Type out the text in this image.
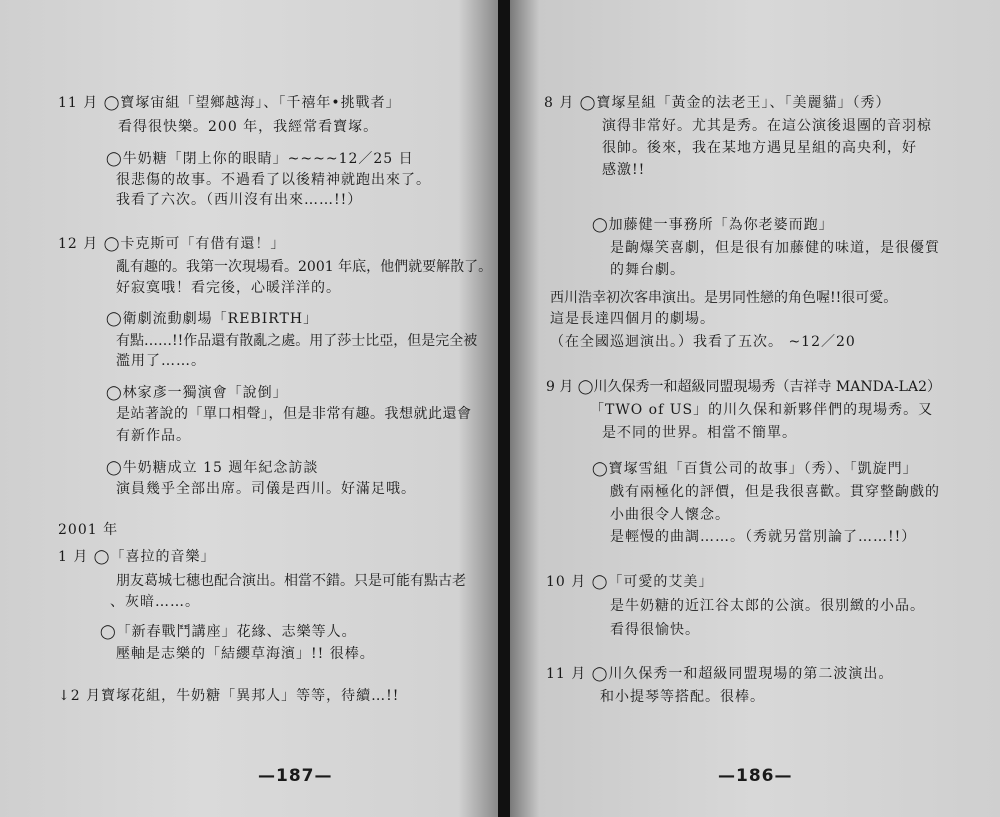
11 月 ◯寶塚宙組「望鄉越海」、「千禧年•挑戰者」
看得很快樂。200 年，我經常看寶塚。
◯牛奶糖「閉上你的眼睛」~~~~12／25 日
很悲傷的故事。不過看了以後精神就跑出來了。
我看了六次。（西川沒有出來……!!）
12 月 ◯卡克斯可「有借有還！」
亂有趣的。我第一次現場看。2001 年底，他們就要解散了。
好寂寞哦！看完後，心暖洋洋的。
◯衛劇流動劇場「REBIRTH」
有點……!!作品還有散亂之處。用了莎士比亞，但是完全被
濫用了……。
◯林家彥一獨演會「說倒」
是站著說的「單口相聲」，但是非常有趣。我想就此還會
有新作品。
◯牛奶糖成立 15 週年紀念訪談
演員幾乎全部出席。司儀是西川。好滿足哦。
2001 年
1 月 ◯「喜拉的音樂」
朋友葛城七穗也配合演出。相當不錯。只是可能有點古老
、灰暗……。
◯「新春戰鬥講座」花緣、志樂等人。
壓軸是志樂的「結纓草海濱」!! 很棒。
↓2 月寶塚花組，牛奶糖「異邦人」等等，待續…!!
—187—
8 月 ◯寶塚星組「黃金的法老王」、「美麗貓」（秀）
演得非常好。尤其是秀。在這公演後退團的音羽椋
很帥。後來，我在某地方遇見星組的高央利，好
感激!!
◯加藤健一事務所「為你老婆而跑」
是齣爆笑喜劇，但是很有加藤健的味道，是很優質
的舞台劇。
西川浩幸初次客串演出。是男同性戀的角色喔!!很可愛。
這是長達四個月的劇場。
（在全國巡迴演出。）我看了五次。 ~12／20
9 月 ◯川久保秀一和超級同盟現場秀（吉祥寺 MANDA-LA2）
「TWO of US」的川久保和新夥伴們的現場秀。又
是不同的世界。相當不簡單。
◯寶塚雪組「百貨公司的故事」（秀）、「凱旋門」
戲有兩極化的評價，但是我很喜歡。貫穿整齣戲的
小曲很令人懷念。
是輕慢的曲調……。（秀就另當別論了……!!）
10 月 ◯「可愛的艾美」
是牛奶糖的近江谷太郎的公演。很別緻的小品。
看得很愉快。
11 月 ◯川久保秀一和超級同盟現場的第二波演出。
和小提琴等搭配。很棒。
—186—
